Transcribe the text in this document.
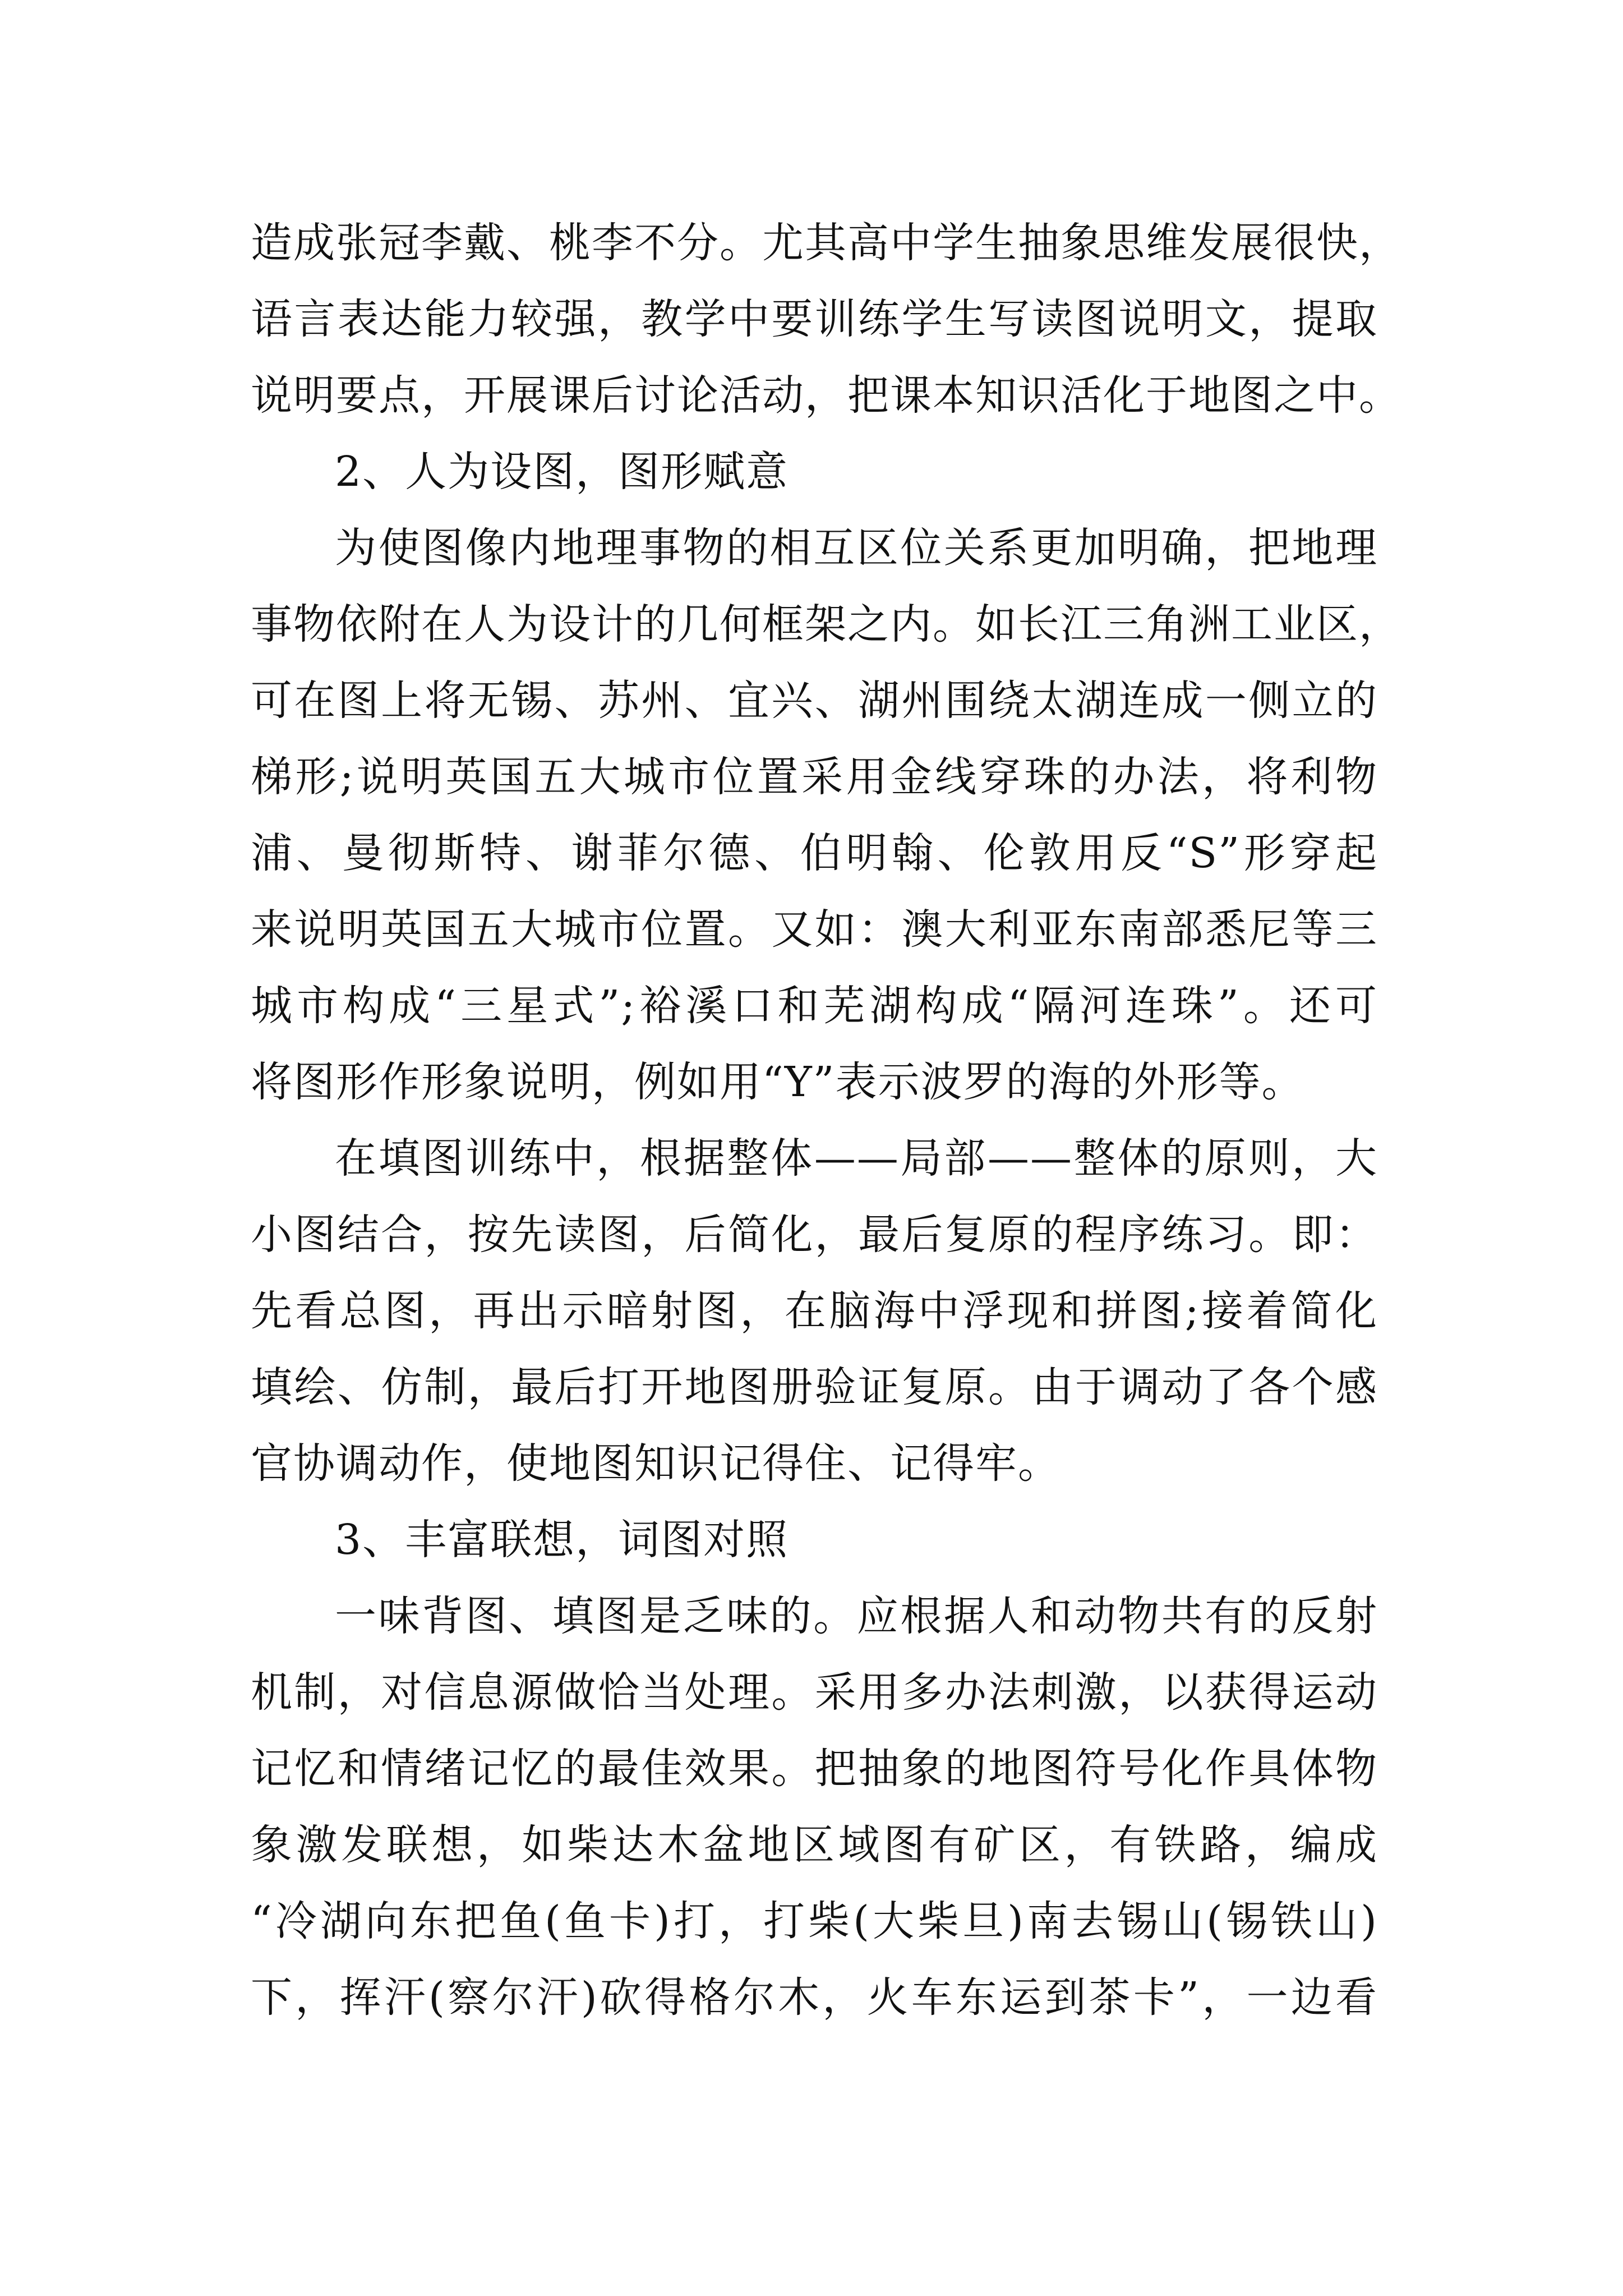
造成张冠李戴、桃李不分。尤其高中学生抽象思维发展很快，
语言表达能力较强，教学中要训练学生写读图说明文，提取
说明要点，开展课后讨论活动，把课本知识活化于地图之中。
2、人为设图，图形赋意
为使图像内地理事物的相互区位关系更加明确，把地理
事物依附在人为设计的几何框架之内。如长江三角洲工业区，
可在图上将无锡、苏州、宜兴、湖州围绕太湖连成一侧立的
梯形;说明英国五大城市位置采用金线穿珠的办法，将利物
浦、曼彻斯特、谢菲尔德、伯明翰、伦敦用反“S”形穿起
来说明英国五大城市位置。又如：澳大利亚东南部悉尼等三
城市构成“三星式”;裕溪口和芜湖构成“隔河连珠”。还可
将图形作形象说明，例如用“Y”表示波罗的海的外形等。
在填图训练中，根据整体——局部——整体的原则，大
小图结合，按先读图，后简化，最后复原的程序练习。即：
先看总图，再出示暗射图，在脑海中浮现和拼图;接着简化
填绘、仿制，最后打开地图册验证复原。由于调动了各个感
官协调动作，使地图知识记得住、记得牢。
3、丰富联想，词图对照
一味背图、填图是乏味的。应根据人和动物共有的反射
机制，对信息源做恰当处理。采用多办法刺激，以获得运动
记忆和情绪记忆的最佳效果。把抽象的地图符号化作具体物
象激发联想，如柴达木盆地区域图有矿区，有铁路，编成
“冷湖向东把鱼(鱼卡)打，打柴(大柴旦)南去锡山(锡铁山)
下，挥汗(察尔汗)砍得格尔木，火车东运到茶卡”，一边看
